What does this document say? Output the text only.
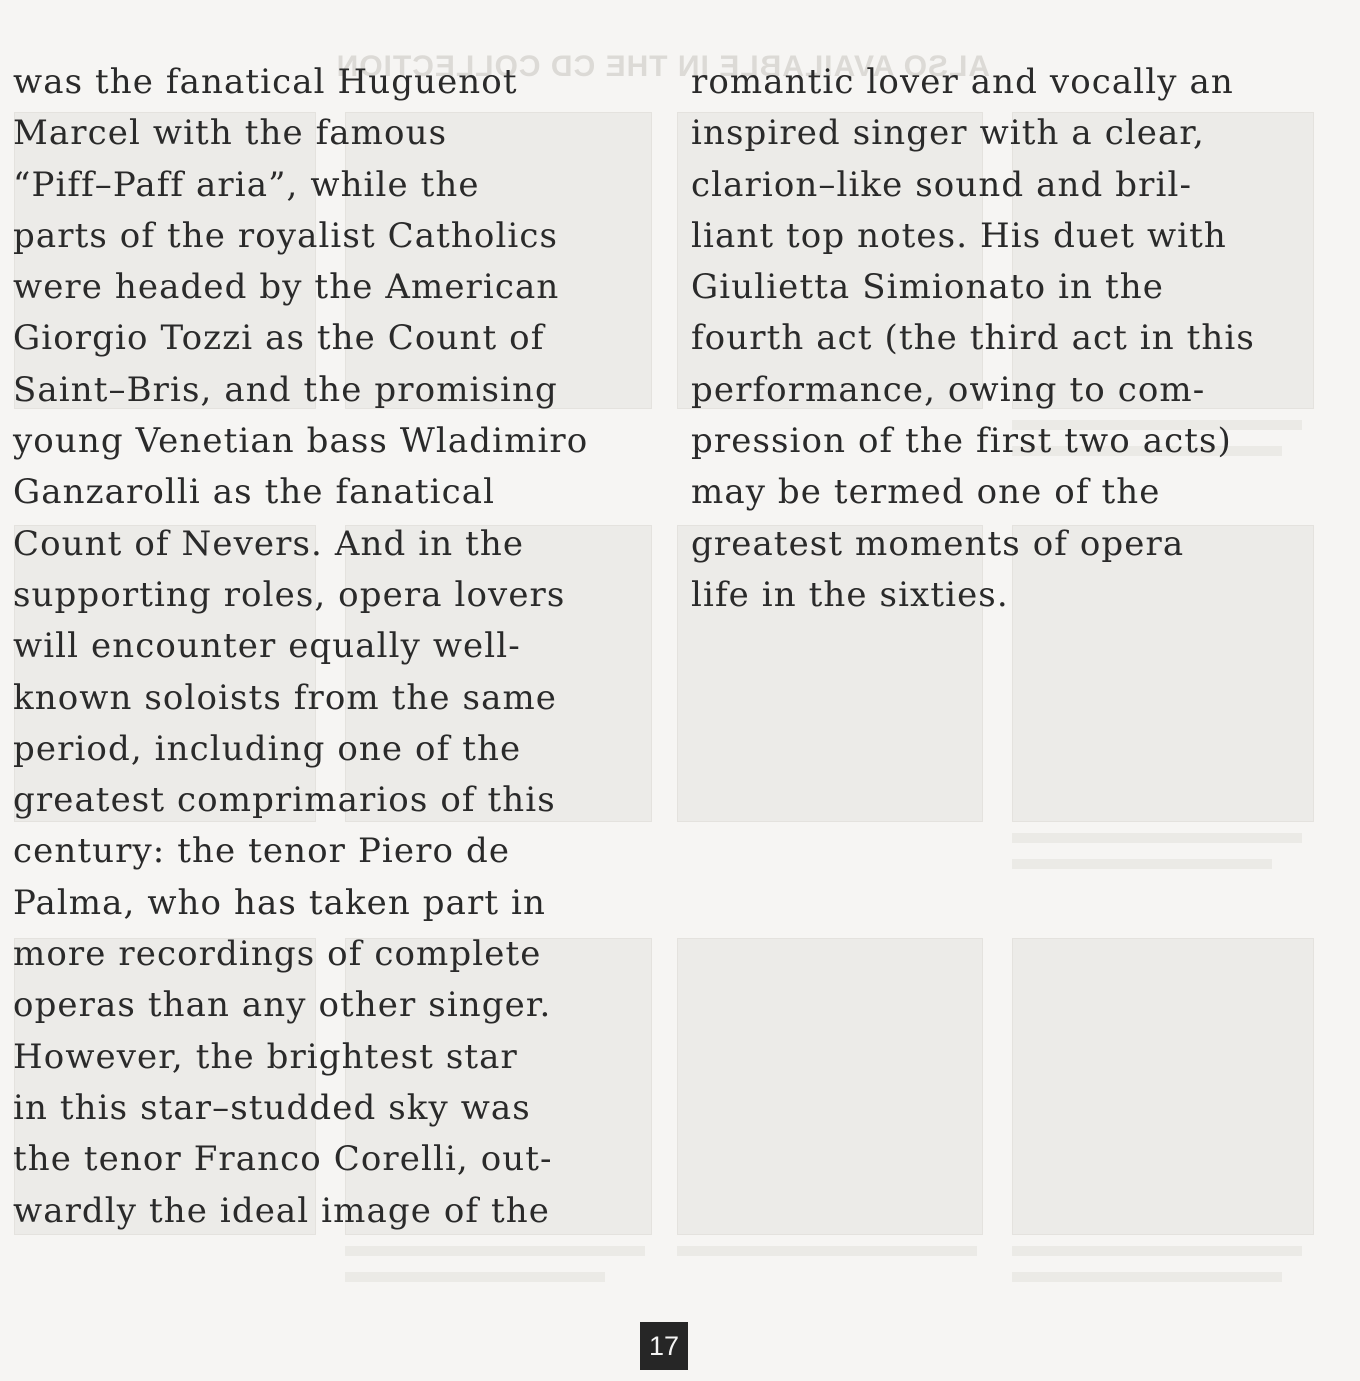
ALSO AVAILABLE IN THE CD COLLECTION
was the fanatical Huguenot
Marcel with the famous
“Piff–Paff aria”, while the
parts of the royalist Catholics
were headed by the American
Giorgio Tozzi as the Count of
Saint–Bris, and the promising
young Venetian bass Wladimiro
Ganzarolli as the fanatical
Count of Nevers. And in the
supporting roles, opera lovers
will encounter equally well-
known soloists from the same
period, including one of the
greatest comprimarios of this
century: the tenor Piero de
Palma, who has taken part in
more recordings of complete
operas than any other singer.
However, the brightest star
in this star–studded sky was
the tenor Franco Corelli, out-
wardly the ideal image of the
romantic lover and vocally an
inspired singer with a clear,
clarion–like sound and bril-
liant top notes. His duet with
Giulietta Simionato in the
fourth act (the third act in this
performance, owing to com-
pression of the first two acts)
may be termed one of the
greatest moments of opera
life in the sixties.
17
